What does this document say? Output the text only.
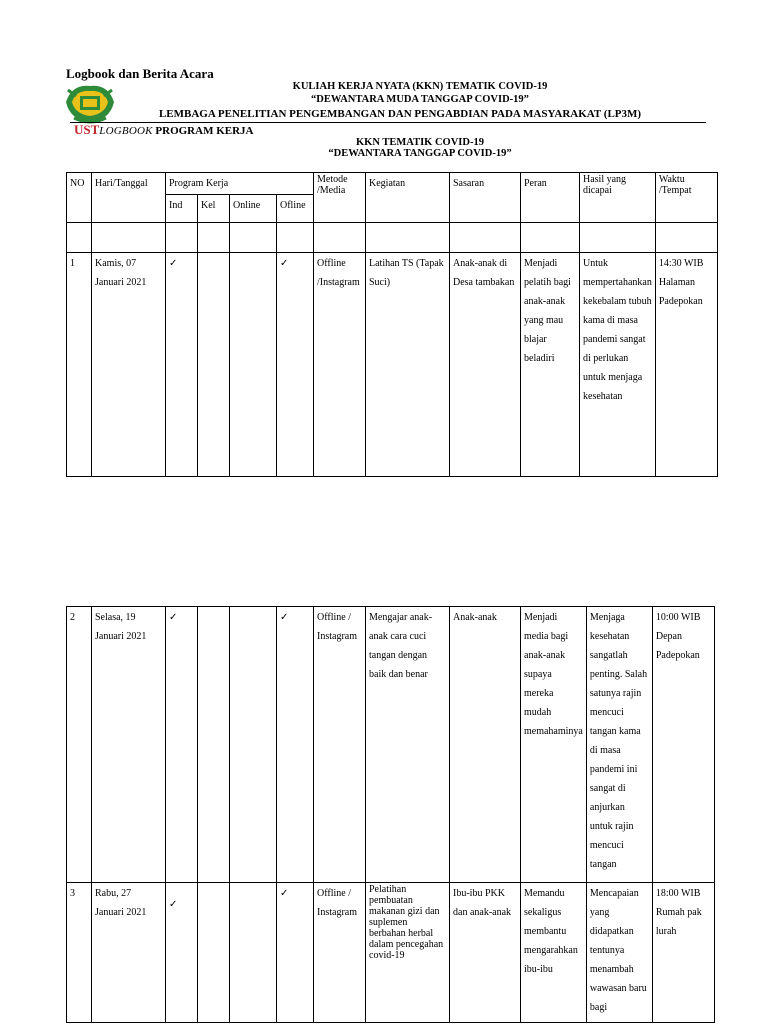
Logbook dan Berita Acara
KULIAH KERJA NYATA (KKN) TEMATIK COVID-19
“DEWANTARA MUDA TANGGAP COVID-19”
LEMBAGA PENELITIAN PENGEMBANGAN DAN PENGABDIAN PADA MASYARAKAT (LP3M)
USTLOGBOOK PROGRAM KERJA
KKN TEMATIK COVID-19
“DEWANTARA TANGGAP COVID-19”
NO	Hari/Tanggal	Program Kerja				Metode /Media	Kegiatan	Sasaran	Peran	Hasil yang dicapai	Waktu /Tempat
		Ind	Kel	Online	Ofline						

1	Kamis, 07 Januari 2021	✓			✓	Offline /Instagram	Latihan TS (Tapak Suci)	Anak-anak di Desa tambakan	Menjadi pelatih bagi anak-anak yang mau blajar beladiri	Untuk mempertahankan kekebalam tubuh kama di masa pandemi sangat di perlukan untuk menjaga kesehatan	14:30 WIB Halaman Padepokan
2	Selasa, 19 Januari 2021	✓			✓	Offline / Instagram	Mengajar anak-anak cara cuci tangan dengan baik dan benar	Anak-anak	Menjadi media bagi anak-anak supaya mereka mudah memahaminya	Menjaga kesehatan sangatlah penting. Salah satunya rajin mencuci tangan kama di masa pandemi ini sangat di anjurkan untuk rajin mencuci tangan	10:00 WIB Depan Padepokan
3	Rabu, 27 Januari 2021	✓			✓	Offline / Instagram	Pelatihan pembuatan makanan gizi dan suplemen berbahan herbal dalam pencegahan covid-19	Ibu-ibu PKK dan anak-anak	Memandu sekaligus membantu mengarahkan ibu-ibu	Mencapaian yang didapatkan tentunya menambah wawasan baru bagi	18:00 WIB Rumah pak lurah
